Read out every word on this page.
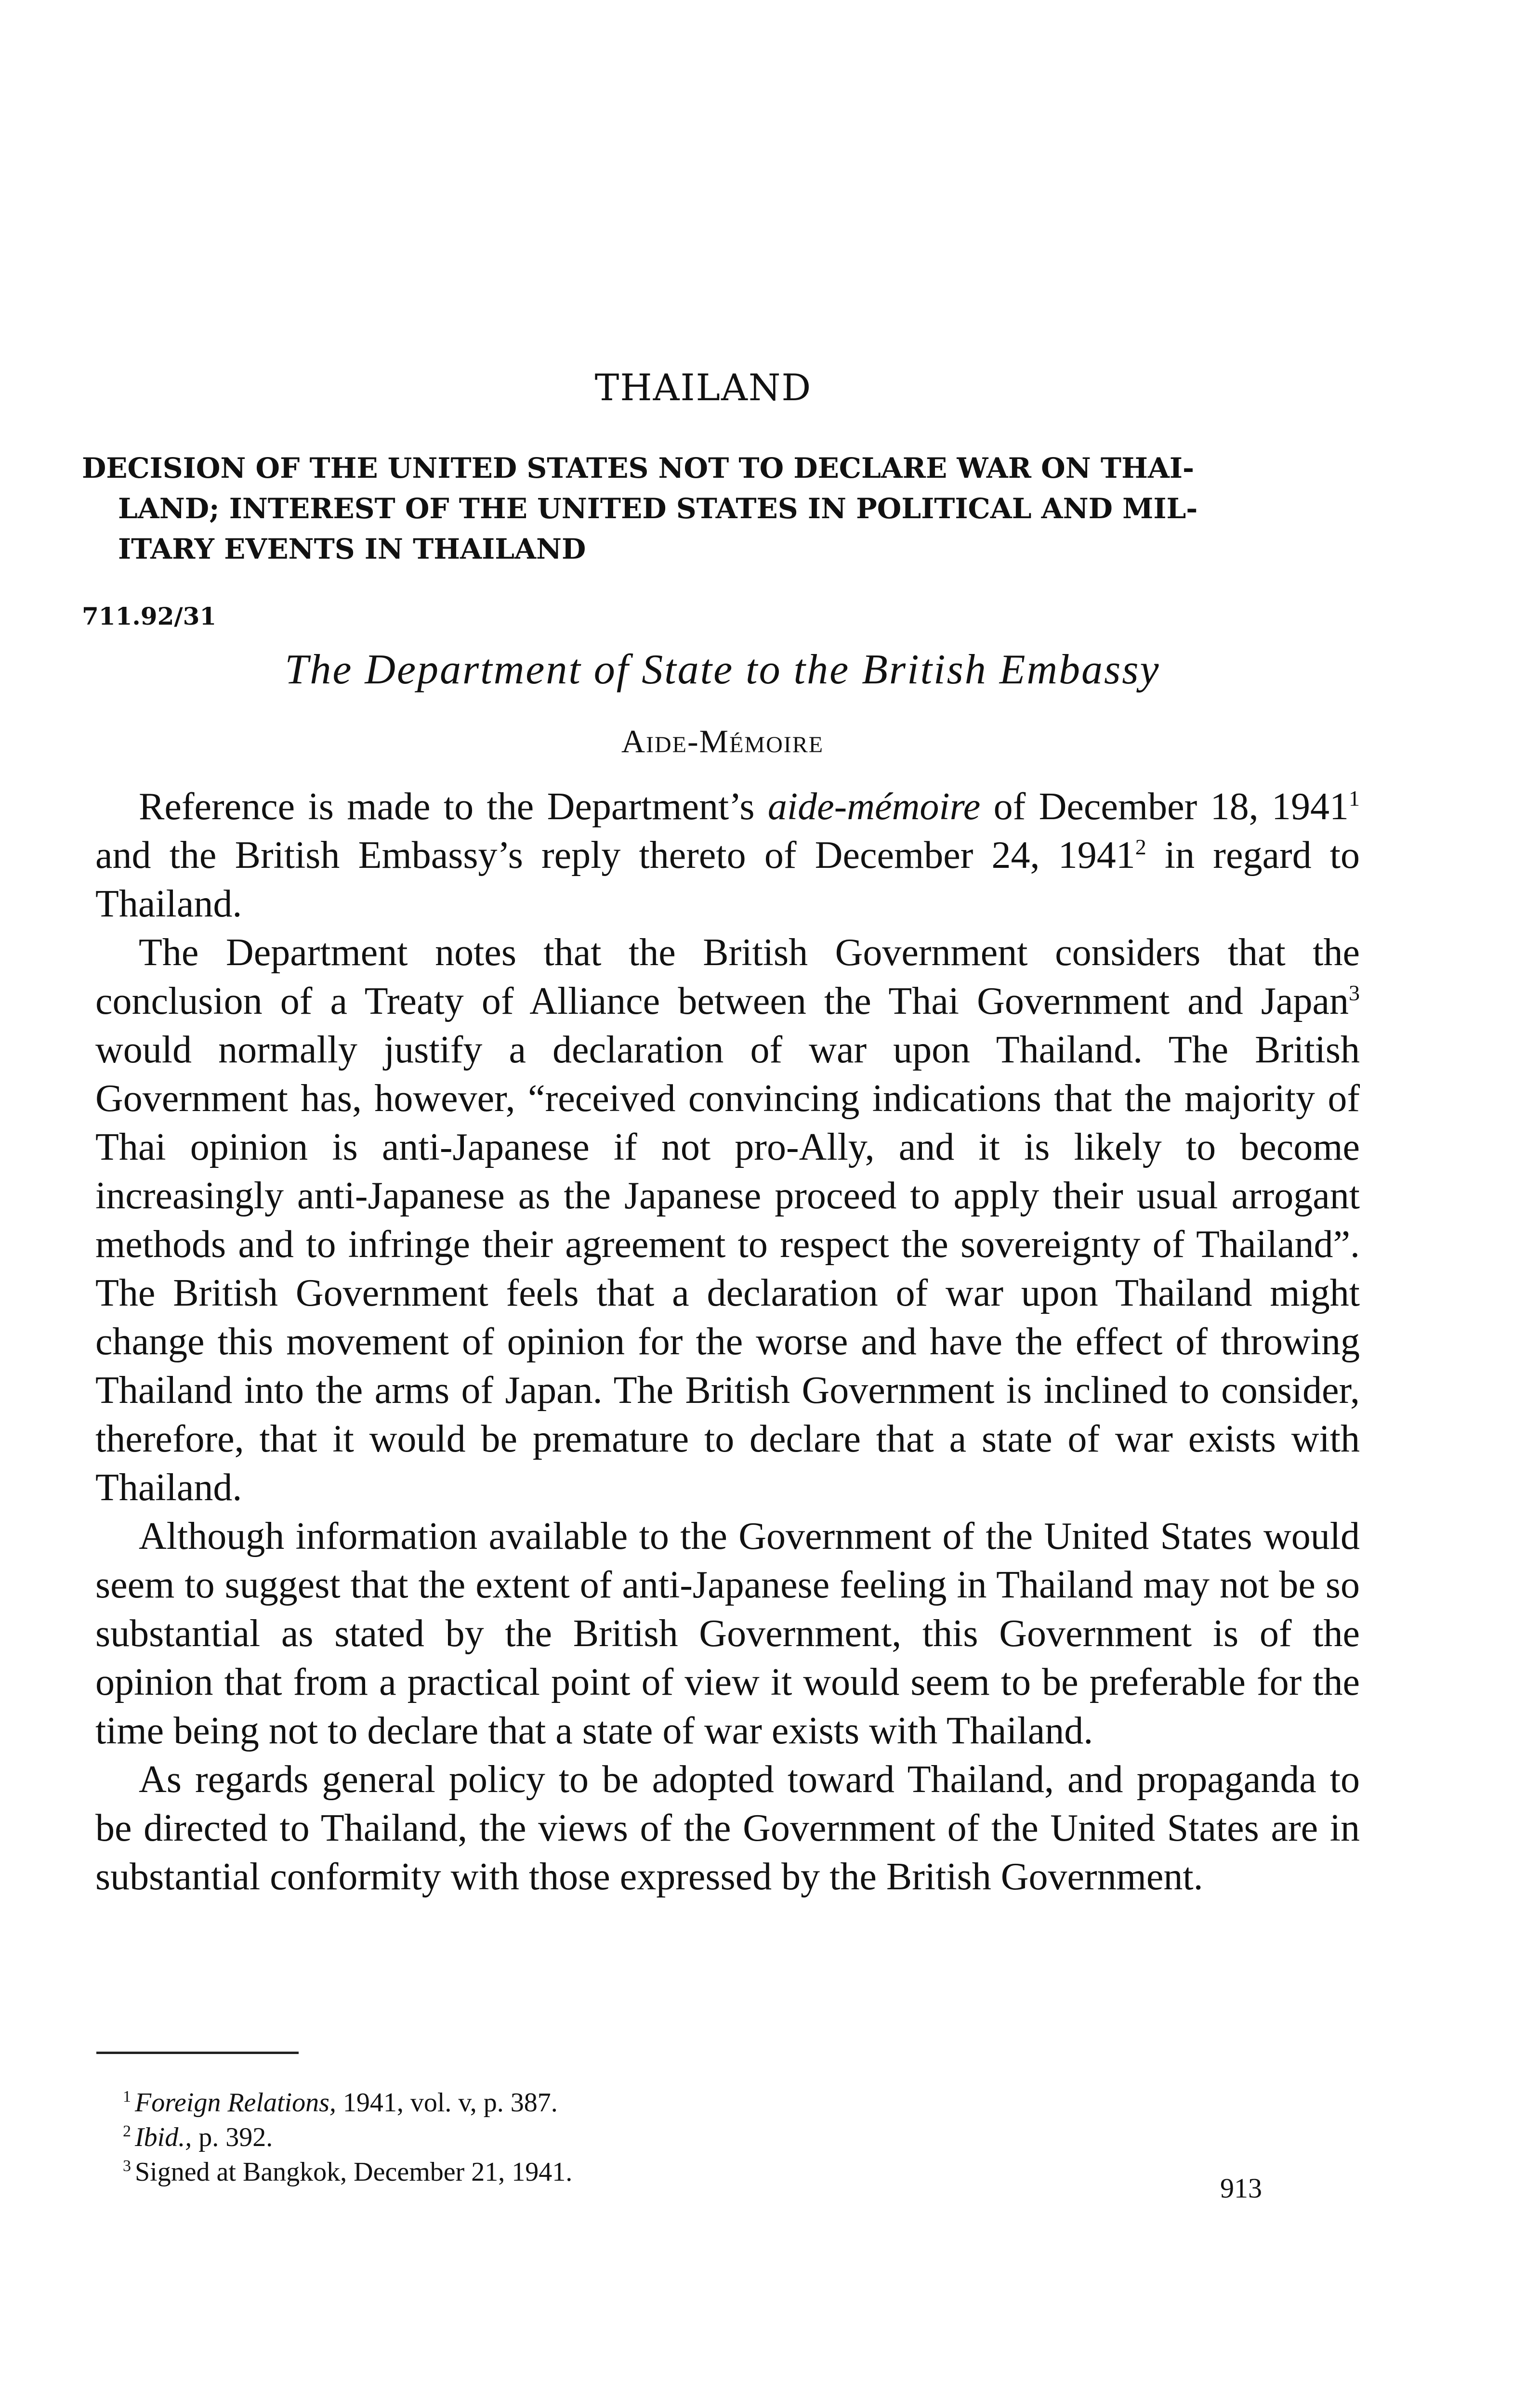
THAILAND
DECISION OF THE UNITED STATES NOT TO DECLARE WAR ON THAI-
LAND; INTEREST OF THE UNITED STATES IN POLITICAL AND MIL-
ITARY EVENTS IN THAILAND
711.92/31
The Department of State to the British Embassy
Aide-Mémoire

Reference is made to the Department’s aide-mémoire of December 18, 1941$^1$ and the British Embassy’s reply thereto of December 24, 1941$^2$ in regard to Thailand.

The Department notes that the British Government considers that the conclusion of a Treaty of Alliance between the Thai Government and Japan$^3$ would normally justify a declaration of war upon Thailand. The British Government has, however, “received convincing indications that the majority of Thai opinion is anti-Japanese if not pro-Ally, and it is likely to become increasingly anti-Japanese as the Japanese proceed to apply their usual arrogant methods and to infringe their agreement to respect the sovereignty of Thailand”. The British Government feels that a declaration of war upon Thailand might change this movement of opinion for the worse and have the effect of throwing Thailand into the arms of Japan. The British Government is inclined to consider, therefore, that it would be premature to declare that a state of war exists with Thailand.

Although information available to the Government of the United States would seem to suggest that the extent of anti-Japanese feeling in Thailand may not be so substantial as stated by the British Government, this Government is of the opinion that from a practical point of view it would seem to be preferable for the time being not to declare that a state of war exists with Thailand.

As regards general policy to be adopted toward Thailand, and propaganda to be directed to Thailand, the views of the Government of the United States are in substantial conformity with those expressed by the British Government.

$^1$ Foreign Relations, 1941, vol. v, p. 387.
$^2$ Ibid., p. 392.
$^3$ Signed at Bangkok, December 21, 1941.
913
